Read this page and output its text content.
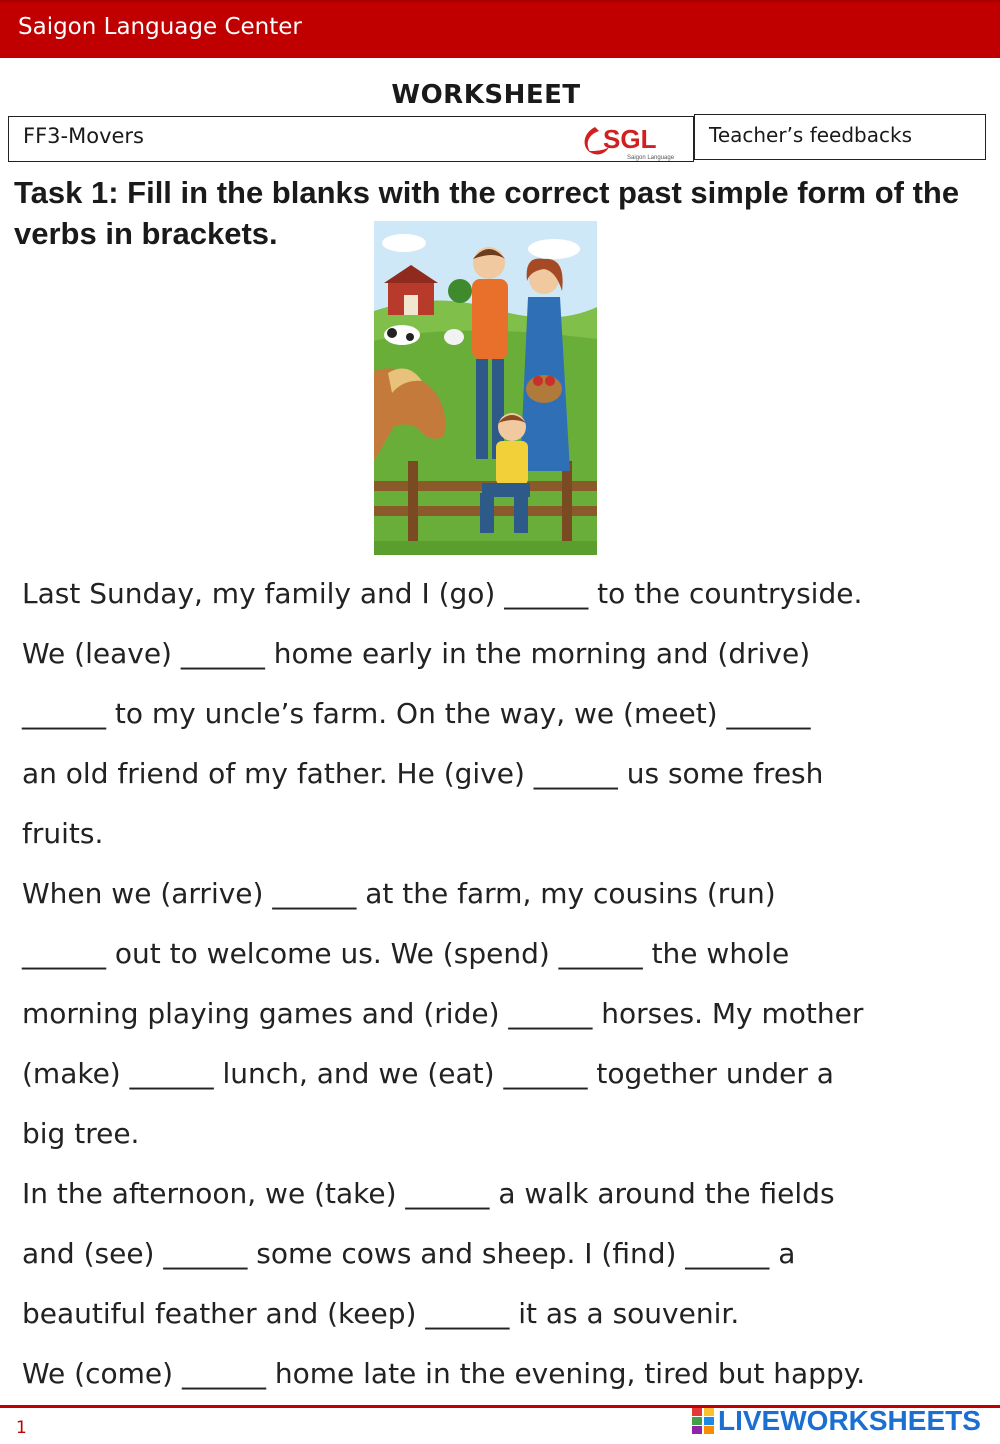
Saigon Language Center
WORKSHEET
FF3-Movers	SGL
Saigon Language
Teacher’s feedbacks
Task 1: Fill in the blanks with the correct past simple form of the verbs in brackets.

Last Sunday, my family and I (go) ______ to the countryside.

We (leave) ______ home early in the morning and (drive)

______ to my uncle’s farm. On the way, we (meet) ______

an old friend of my father. He (give) ______ us some fresh

fruits.

When we (arrive) ______ at the farm, my cousins (run)

______ out to welcome us. We (spend) ______ the whole

morning playing games and (ride) ______ horses. My mother

(make) ______ lunch, and we (eat) ______ together under a

big tree.

In the afternoon, we (take) ______ a walk around the fields

and (see) ______ some cows and sheep. I (find) ______ a

beautiful feather and (keep) ______ it as a souvenir.

We (come) ______ home late in the evening, tired but happy.

1	LIVEWORKSHEETS
